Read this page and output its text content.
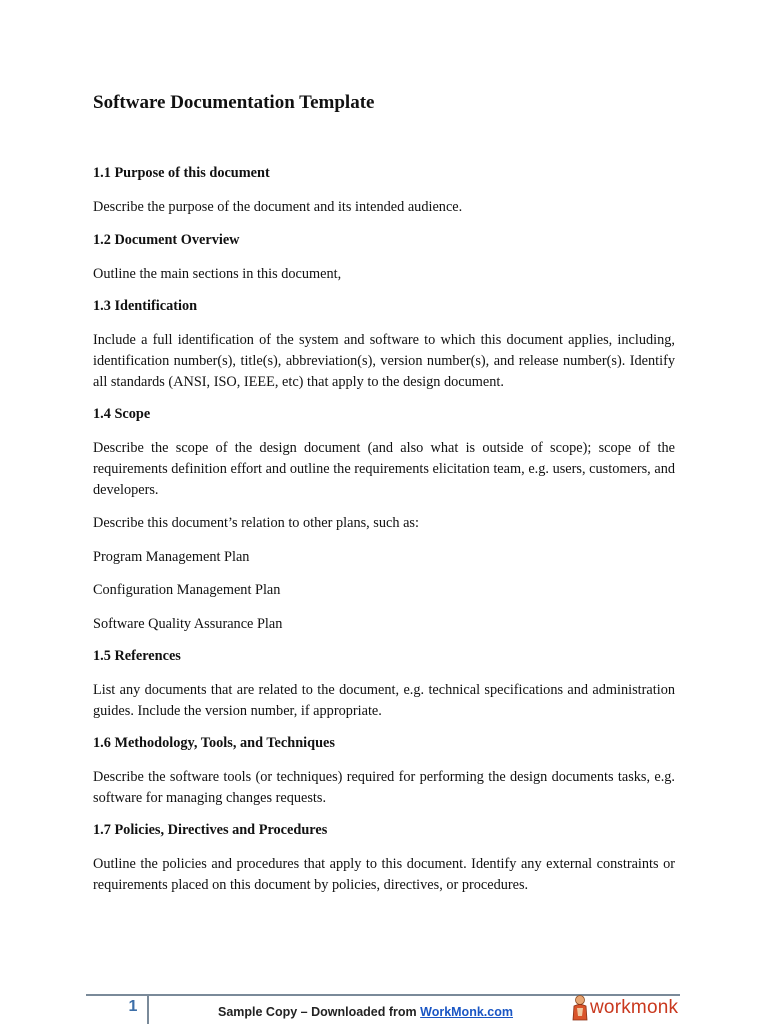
Software Documentation Template
1.1 Purpose of this document
Describe the purpose of the document and its intended audience.
1.2 Document Overview
Outline the main sections in this document,
1.3 Identification
Include a full identification of the system and software to which this document applies, including, identification number(s), title(s), abbreviation(s), version number(s), and release number(s). Identify all standards (ANSI, ISO, IEEE, etc) that apply to the design document.
1.4 Scope
Describe the scope of the design document (and also what is outside of scope); scope of the requirements definition effort and outline the requirements elicitation team, e.g. users, customers, and developers.
Describe this document’s relation to other plans, such as:
Program Management Plan
Configuration Management Plan
Software Quality Assurance Plan
1.5 References
List any documents that are related to the document, e.g. technical specifications and administration guides. Include the version number, if appropriate.
1.6 Methodology, Tools, and Techniques
Describe the software tools (or techniques) required for performing the design documents tasks, e.g. software for managing changes requests.
1.7 Policies, Directives and Procedures
Outline the policies and procedures that apply to this document. Identify any external constraints or requirements placed on this document by policies, directives, or procedures.
1	Sample Copy – Downloaded from WorkMonk.com	workmonk
